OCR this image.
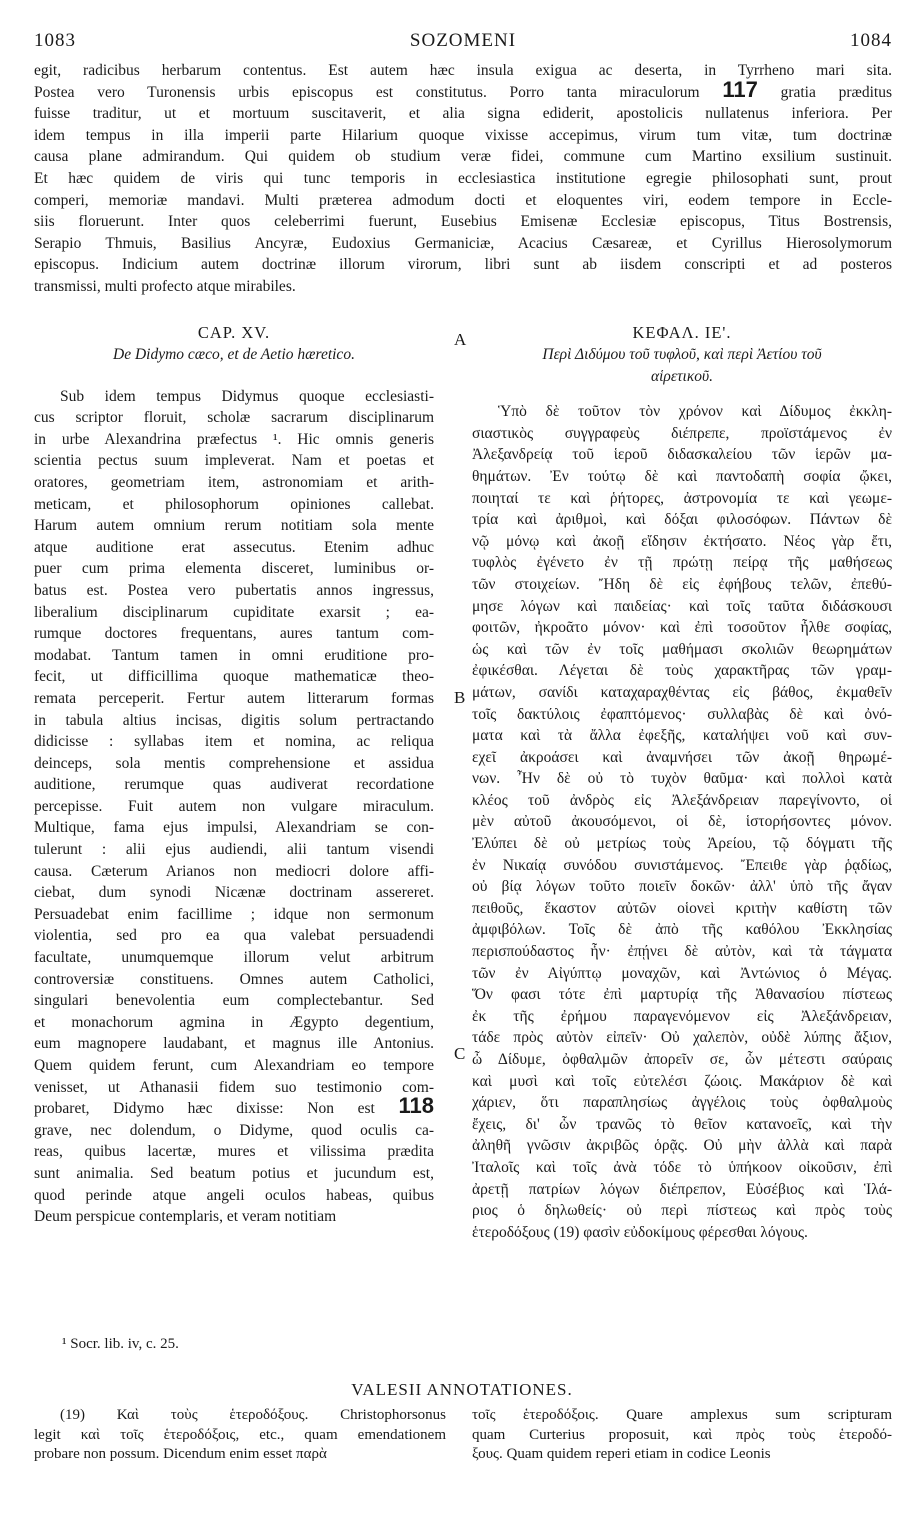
1083	SOZOMENI	1084
egit, radicibus herbarum contentus. Est autem hæc insula exigua ac deserta, in Tyrrheno mari sita.
Postea vero Turonensis urbis episcopus est constitutus. Porro tanta miraculorum 117 gratia præditus
fuisse traditur, ut et mortuum suscitaverit, et alia signa ediderit, apostolicis nullatenus inferiora. Per
idem tempus in illa imperii parte Hilarium quoque vixisse accepimus, virum tum vitæ, tum doctrinæ
causa plane admirandum. Qui quidem ob studium veræ fidei, commune cum Martino exsilium sustinuit.
Et hæc quidem de viris qui tunc temporis in ecclesiastica institutione egregie philosophati sunt, prout
comperi, memoriæ mandavi. Multi præterea admodum docti et eloquentes viri, eodem tempore in Eccle-
siis floruerunt. Inter quos celeberrimi fuerunt, Eusebius Emisenæ Ecclesiæ episcopus, Titus Bostrensis,
Serapio Thmuis, Basilius Ancyræ, Eudoxius Germaniciæ, Acacius Cæsareæ, et Cyrillus Hierosolymorum
episcopus. Indicium autem doctrinæ illorum virorum, libri sunt ab iisdem conscripti et ad posteros
transmissi, multi profecto atque mirabiles.
CAP. XV.
De Didymo cæco, et de Aetio hæretico.
Sub idem tempus Didymus quoque ecclesiasti-
cus scriptor floruit, scholæ sacrarum disciplinarum
in urbe Alexandrina præfectus ¹. Hic omnis generis
scientia pectus suum impleverat. Nam et poetas et
oratores, geometriam item, astronomiam et arith-
meticam, et philosophorum opiniones callebat.
Harum autem omnium rerum notitiam sola mente
atque auditione erat assecutus. Etenim adhuc
puer cum prima elementa disceret, luminibus or-
batus est. Postea vero pubertatis annos ingressus,
liberalium disciplinarum cupiditate exarsit ; ea-
rumque doctores frequentans, aures tantum com-
modabat. Tantum tamen in omni eruditione pro-
fecit, ut difficillima quoque mathematicæ theo-
remata perceperit. Fertur autem litterarum formas
in tabula altius incisas, digitis solum pertractando
didicisse : syllabas item et nomina, ac reliqua
deinceps, sola mentis comprehensione et assidua
auditione, rerumque quas audiverat recordatione
percepisse. Fuit autem non vulgare miraculum.
Multique, fama ejus impulsi, Alexandriam se con-
tulerunt : alii ejus audiendi, alii tantum visendi
causa. Cæterum Arianos non mediocri dolore affi-
ciebat, dum synodi Nicænæ doctrinam assereret.
Persuadebat enim facillime ; idque non sermonum
violentia, sed pro ea qua valebat persuadendi
facultate, unumquemque illorum velut arbitrum
controversiæ constituens. Omnes autem Catholici,
singulari benevolentia eum complectebantur. Sed
et monachorum agmina in Ægypto degentium,
eum magnopere laudabant, et magnus ille Antonius.
Quem quidem ferunt, cum Alexandriam eo tempore
venisset, ut Athanasii fidem suo testimonio com-
probaret, Didymo hæc dixisse: Non est 118
grave, nec dolendum, o Didyme, quod oculis ca-
reas, quibus lacertæ, mures et vilissima prædita
sunt animalia. Sed beatum potius et jucundum est,
quod perinde atque angeli oculos habeas, quibus
Deum perspicue contemplaris, et veram notitiam
ΚΕΦΑΛ. ΙΕ'.
Περὶ Διδύμου τοῦ τυφλοῦ, καὶ περὶ Ἀετίου τοῦ
αἱρετικοῦ.
Ὑπὸ δὲ τοῦτον τὸν χρόνον καὶ Δίδυμος ἐκκλη-
σιαστικὸς συγγραφεὺς διέπρεπε, προϊστάμενος ἐν
Ἀλεξανδρείᾳ τοῦ ἱεροῦ διδασκαλείου τῶν ἱερῶν μα-
θημάτων. Ἐν τούτῳ δὲ καὶ παντοδαπὴ σοφία ᾤκει,
ποιηταί τε καὶ ῥήτορες, ἀστρονομία τε καὶ γεωμε-
τρία καὶ ἀριθμοὶ, καὶ δόξαι φιλοσόφων. Πάντων δὲ
νῷ μόνῳ καὶ ἀκοῇ εἴδησιν ἐκτήσατο. Νέος γὰρ ἔτι,
τυφλὸς ἐγένετο ἐν τῇ πρώτῃ πείρᾳ τῆς μαθήσεως
τῶν στοιχείων. Ἤδη δὲ εἰς ἐφήβους τελῶν, ἐπεθύ-
μησε λόγων καὶ παιδείας· καὶ τοῖς ταῦτα διδάσκουσι
φοιτῶν, ἠκροᾶτο μόνον· καὶ ἐπὶ τοσοῦτον ἦλθε σοφίας,
ὡς καὶ τῶν ἐν τοῖς μαθήμασι σκολιῶν θεωρημάτων
ἐφικέσθαι. Λέγεται δὲ τοὺς χαρακτῆρας τῶν γραμ-
μάτων, σανίδι καταχαραχθέντας εἰς βάθος, ἐκμαθεῖν
τοῖς δακτύλοις ἐφαπτόμενος· συλλαβὰς δὲ καὶ ὀνό-
ματα καὶ τὰ ἄλλα ἐφεξῆς, καταλήψει νοῦ καὶ συν-
εχεῖ ἀκροάσει καὶ ἀναμνήσει τῶν ἀκοῇ θηρωμέ-
νων. Ἦν δὲ οὐ τὸ τυχὸν θαῦμα· καὶ πολλοὶ κατὰ
κλέος τοῦ ἀνδρὸς εἰς Ἀλεξάνδρειαν παρεγίνοντο, οἱ
μὲν αὐτοῦ ἀκουσόμενοι, οἱ δὲ, ἱστορήσοντες μόνον.
Ἐλύπει δὲ οὐ μετρίως τοὺς Ἀρείου, τῷ δόγματι τῆς
ἐν Νικαίᾳ συνόδου συνιστάμενος. Ἔπειθε γὰρ ῥᾳδίως,
οὐ βίᾳ λόγων τοῦτο ποιεῖν δοκῶν· ἀλλ' ὑπὸ τῆς ἄγαν
πειθοῦς, ἕκαστον αὐτῶν οἱονεὶ κριτὴν καθίστη τῶν
ἀμφιβόλων. Τοῖς δὲ ἀπὸ τῆς καθόλου Ἐκκλησίας
περισπούδαστος ἦν· ἐπῄνει δὲ αὐτὸν, καὶ τὰ τάγματα
τῶν ἐν Αἰγύπτῳ μοναχῶν, καὶ Ἀντώνιος ὁ Μέγας.
Ὅν φασι τότε ἐπὶ μαρτυρίᾳ τῆς Ἀθανασίου πίστεως
ἐκ τῆς ἐρήμου παραγενόμενον εἰς Ἀλεξάνδρειαν,
τάδε πρὸς αὐτὸν εἰπεῖν· Οὐ χαλεπὸν, οὐδὲ λύπης ἄξιον,
ὦ Δίδυμε, ὀφθαλμῶν ἀπορεῖν σε, ὧν μέτεστι σαύραις
καὶ μυσὶ καὶ τοῖς εὐτελέσι ζώοις. Μακάριον δὲ καὶ
χάριεν, ὅτι παραπλησίως ἀγγέλοις τοὺς ὀφθαλμοὺς
ἔχεις, δι' ὧν τρανῶς τὸ θεῖον κατανοεῖς, καὶ τὴν
ἀληθῆ γνῶσιν ἀκριβῶς ὁρᾷς. Οὐ μὴν ἀλλὰ καὶ παρὰ
Ἰταλοῖς καὶ τοῖς ἀνὰ τόδε τὸ ὑπήκοον οἰκοῦσιν, ἐπὶ
ἀρετῇ πατρίων λόγων διέπρεπον, Εὐσέβιος καὶ Ἱλά-
ριος ὁ δηλωθείς· οὐ περὶ πίστεως καὶ πρὸς τοὺς
ἑτεροδόξους (19) φασὶν εὐδοκίμους φέρεσθαι λόγους.
A
B
C
¹ Socr. lib. iv, c. 25.
VALESII ANNOTATIONES.
(19) Καὶ τοὺς ἑτεροδόξους. Christophorsonus
legit καὶ τοῖς ἑτεροδόξοις, etc., quam emendationem
probare non possum. Dicendum enim esset παρὰ
τοῖς ἑτεροδόξοις. Quare amplexus sum scripturam
quam Curterius proposuit, καὶ πρὸς τοὺς ἑτεροδό-
ξους. Quam quidem reperi etiam in codice Leonis
